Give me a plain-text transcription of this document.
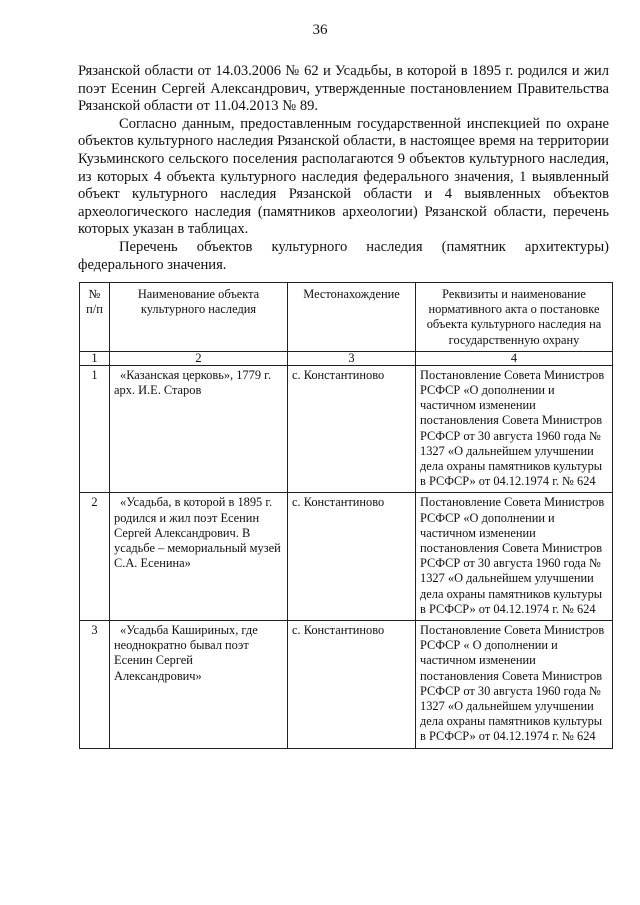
36

Рязанской области от 14.03.2006 № 62 и Усадьбы, в которой в 1895 г. родился и жил поэт Есенин Сергей Александрович, утвержденные постановлением Правительства Рязанской области от 11.04.2013 № 89.

Согласно данным, предоставленным государственной инспекцией по охране объектов культурного наследия Рязанской области, в настоящее время на территории Кузьминского сельского поселения располагаются 9 объектов культурного наследия, из которых 4 объекта культурного наследия федерального значения, 1 выявленный объект культурного наследия Рязанской области и 4 выявленных объектов археологического наследия (памятников археологии) Рязанской области, перечень которых указан в таблицах.

Перечень объектов культурного наследия (памятник архитектуры) федерального значения.

№ п/п	Наименование объекта культурного наследия	Местонахождение	Реквизиты и наименование нормативного акта о постановке объекта культурного наследия на государственную охрану
1	2	3	4
1	«Казанская церковь», 1779 г. арх. И.Е. Старов	с. Константиново	Постановление Совета Министров РСФСР «О дополнении и частичном изменении постановления Совета Министров РСФСР от 30 августа 1960 года № 1327 «О дальнейшем улучшении дела охраны памятников культуры в РСФСР» от 04.12.1974 г. № 624
2	«Усадьба, в которой в 1895 г. родился и жил поэт Есенин Сергей Александрович. В усадьбе – мемориальный музей С.А. Есенина»	с. Константиново	Постановление Совета Министров РСФСР «О дополнении и частичном изменении постановления Совета Министров РСФСР от 30 августа 1960 года № 1327 «О дальнейшем улучшении дела охраны памятников культуры в РСФСР» от 04.12.1974 г. № 624
3	«Усадьба Кашириных, где неоднократно бывал поэт Есенин Сергей Александрович»	с. Константиново	Постановление Совета Министров РСФСР « О дополнении и частичном изменении постановления Совета Министров РСФСР от 30 августа 1960 года № 1327 «О дальнейшем улучшении дела охраны памятников культуры в РСФСР» от 04.12.1974 г. № 624
